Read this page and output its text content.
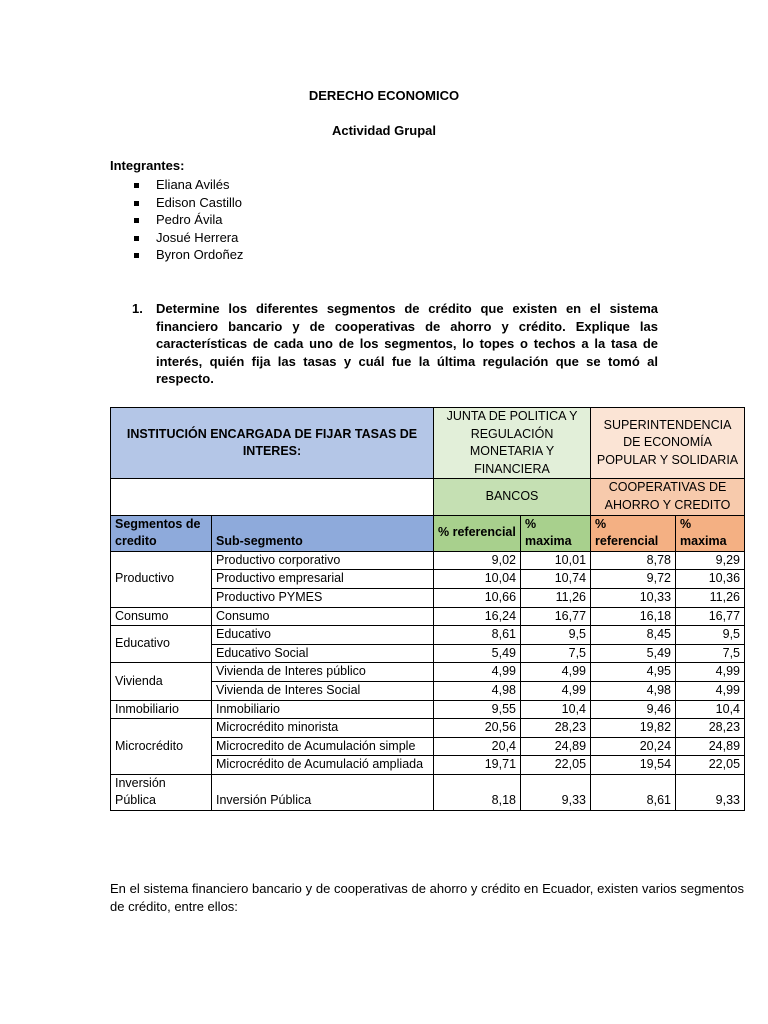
DERECHO ECONOMICO
Actividad Grupal
Integrantes:
Eliana Avilés
Edison Castillo
Pedro Ávila
Josué Herrera
Byron Ordoñez
1. Determine los diferentes segmentos de crédito que existen en el sistema financiero bancario y de cooperativas de ahorro y crédito. Explique las características de cada uno de los segmentos, lo topes o techos a la tasa de interés, quién fija las tasas y cuál fue la última regulación que se tomó al respecto.
INSTITUCIÓN ENCARGADA DE FIJAR TASAS DE INTERES:		JUNTA DE POLITICA Y REGULACIÓN MONETARIA Y FINANCIERA		SUPERINTENDENCIA DE ECONOMÍA POPULAR Y SOLIDARIA	
		BANCOS		COOPERATIVAS DE AHORRO Y CREDITO	
Segmentos de credito	Sub-segmento	% referencial	% maxima	% referencial	% maxima
Productivo	Productivo corporativo	9,02	10,01	8,78	9,29
	Productivo empresarial	10,04	10,74	9,72	10,36
	Productivo PYMES	10,66	11,26	10,33	11,26
Consumo	Consumo	16,24	16,77	16,18	16,77
Educativo	Educativo	8,61	9,5	8,45	9,5
	Educativo Social	5,49	7,5	5,49	7,5
Vivienda	Vivienda de Interes público	4,99	4,99	4,95	4,99
	Vivienda de Interes Social	4,98	4,99	4,98	4,99
Inmobiliario	Inmobiliario	9,55	10,4	9,46	10,4
Microcrédito	Microcrédito minorista	20,56	28,23	19,82	28,23
	Microcredito de Acumulación simple	20,4	24,89	20,24	24,89
	Microcrédito de Acumulació ampliada	19,71	22,05	19,54	22,05
Inversión Pública	Inversión Pública	8,18	9,33	8,61	9,33
En el sistema financiero bancario y de cooperativas de ahorro y crédito en Ecuador, existen varios segmentos de crédito, entre ellos:
